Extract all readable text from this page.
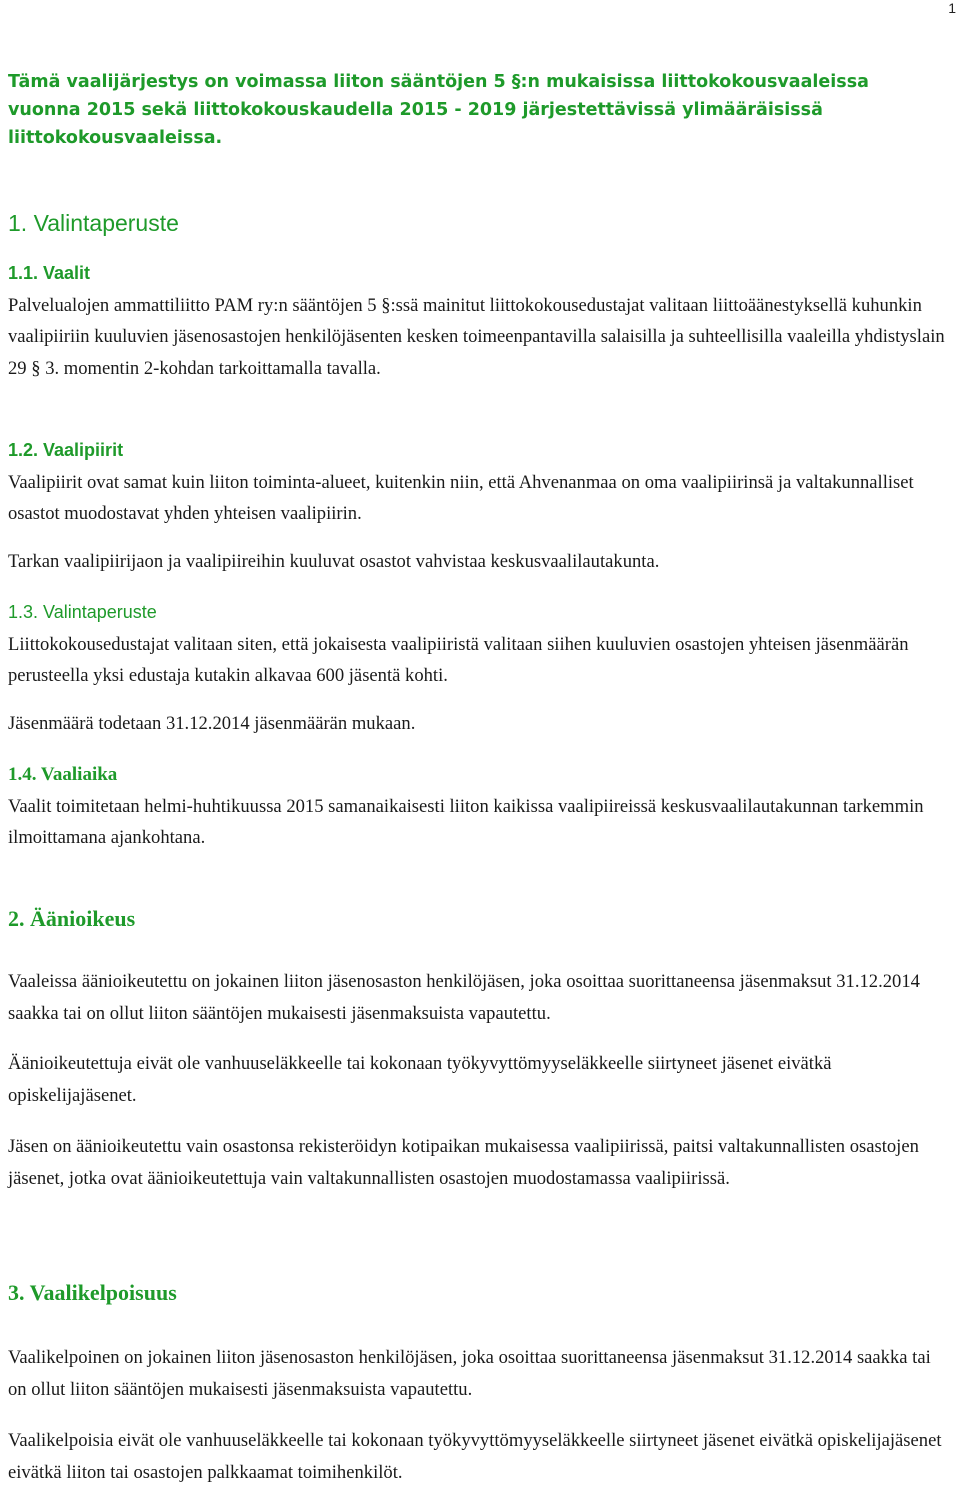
1
Tämä vaalijärjestys on voimassa liiton sääntöjen 5 §:n mukaisissa liittokokousvaaleissa vuonna 2015 sekä liittokokouskaudella 2015 - 2019 järjestettävissä ylimääräisissä liittokokousvaaleissa.
1. Valintaperuste
1.1. Vaalit

Palvelualojen ammattiliitto PAM ry:n sääntöjen 5 §:ssä mainitut liittokokousedustajat valitaan liittoäänestyksellä kuhunkin vaalipiiriin kuuluvien jäsenosastojen henkilöjäsenten kesken toimeenpantavilla salaisilla ja suhteellisilla vaaleilla yhdistyslain 29 § 3. momentin 2-kohdan tarkoittamalla tavalla.

1.2. Vaalipiirit

Vaalipiirit ovat samat kuin liiton toiminta-alueet, kuitenkin niin, että Ahvenanmaa on oma vaalipiirinsä ja valtakunnalliset osastot muodostavat yhden yhteisen vaalipiirin.

Tarkan vaalipiirijaon ja vaalipiireihin kuuluvat osastot vahvistaa keskusvaalilautakunta.

1.3. Valintaperuste

Liittokokousedustajat valitaan siten, että jokaisesta vaalipiiristä valitaan siihen kuuluvien osastojen yhteisen jäsenmäärän perusteella yksi edustaja kutakin alkavaa 600 jäsentä kohti.

Jäsenmäärä todetaan 31.12.2014 jäsenmäärän mukaan.

1.4. Vaaliaika

Vaalit toimitetaan helmi-huhtikuussa 2015 samanaikaisesti liiton kaikissa vaalipiireissä keskusvaalilautakunnan tarkemmin ilmoittamana ajankohtana.

2. Äänioikeus

Vaaleissa äänioikeutettu on jokainen liiton jäsenosaston henkilöjäsen, joka osoittaa suorittaneensa jäsenmaksut 31.12.2014 saakka tai on ollut liiton sääntöjen mukaisesti jäsenmaksuista vapautettu.

Äänioikeutettuja eivät ole vanhuuseläkkeelle tai kokonaan työkyvyttömyyseläkkeelle siirtyneet jäsenet eivätkä opiskelijajäsenet.

Jäsen on äänioikeutettu vain osastonsa rekisteröidyn kotipaikan mukaisessa vaalipiirissä, paitsi valtakunnallisten osastojen jäsenet, jotka ovat äänioikeutettuja vain valtakunnallisten osastojen muodostamassa vaalipiirissä.

3. Vaalikelpoisuus

Vaalikelpoinen on jokainen liiton jäsenosaston henkilöjäsen, joka osoittaa suorittaneensa jäsenmaksut 31.12.2014 saakka tai on ollut liiton sääntöjen mukaisesti jäsenmaksuista vapautettu.

Vaalikelpoisia eivät ole vanhuuseläkkeelle tai kokonaan työkyvyttömyyseläkkeelle siirtyneet jäsenet eivätkä opiskelijajäsenet eivätkä liiton tai osastojen palkkaamat toimihenkilöt.
